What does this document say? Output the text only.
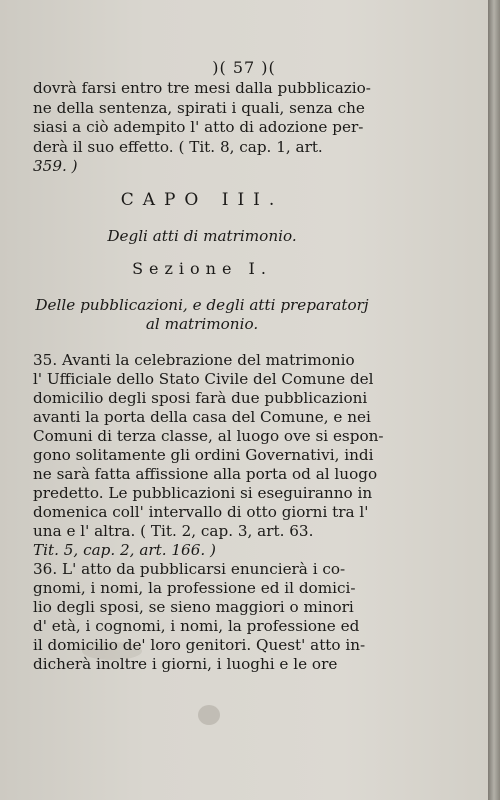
)( 57 )(
dovrà farsi entro tre mesi dalla pubblicazio-
ne della sentenza, spirati i quali, senza che
siasi a ciò adempito l' atto di adozione per-
derà il suo effetto. ( Tit. 8, cap. 1, art.
359. )
CAPO III.
Degli atti di matrimonio.
Sezione I.
Delle pubblicazioni, e degli atti preparatorj
al matrimonio.
35. Avanti la celebrazione del matrimonio
l' Ufficiale dello Stato Civile del Comune del
domicilio degli sposi farà due pubblicazioni
avanti la porta della casa del Comune, e nei
Comuni di terza classe, al luogo ove si espon-
gono solitamente gli ordini Governativi, indi
ne sarà fatta affissione alla porta od al luogo
predetto. Le pubblicazioni si eseguiranno in
domenica coll' intervallo di otto giorni tra l'
una e l' altra. ( Tit. 2, cap. 3, art. 63.
Tit. 5, cap. 2, art. 166. )
36. L' atto da pubblicarsi enuncierà i co-
gnomi, i nomi, la professione ed il domici-
lio degli sposi, se sieno maggiori o minori
d' età, i cognomi, i nomi, la professione ed
il domicilio de' loro genitori. Quest' atto in-
dicherà inoltre i giorni, i luoghi e le ore
